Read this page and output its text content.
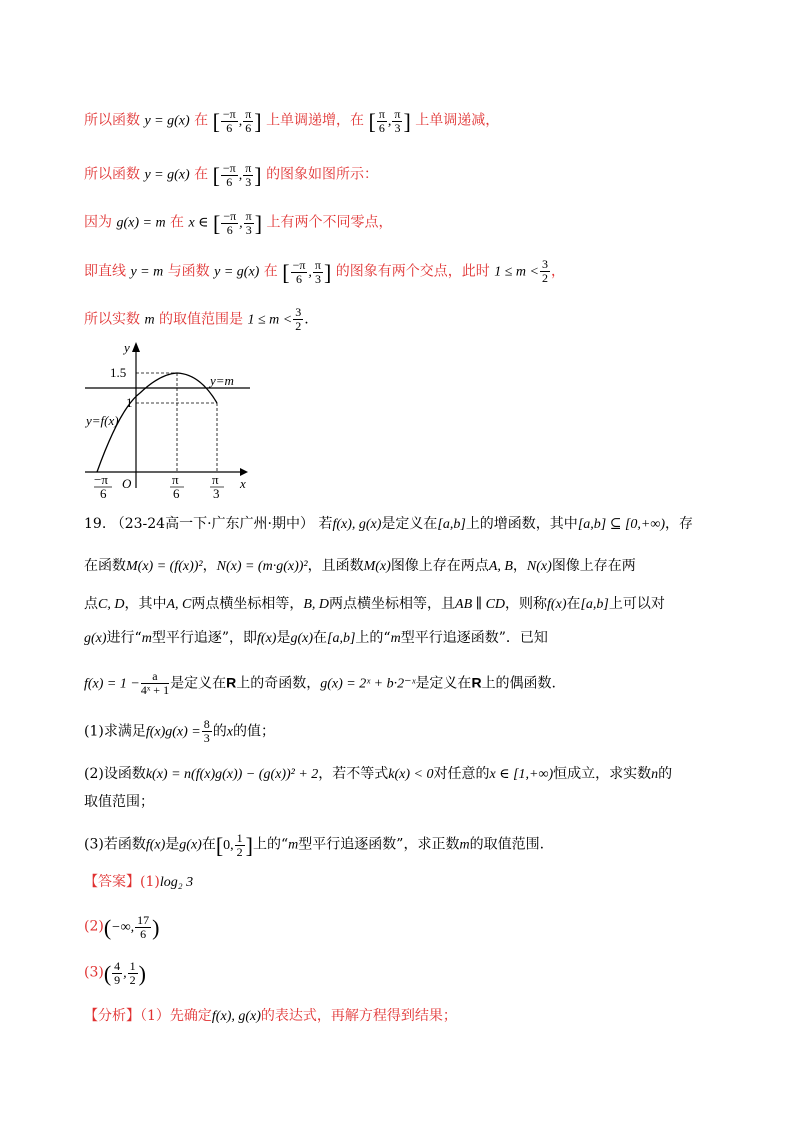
所以函数 y = g(x) 在 [ $\frac{-\pi}{6}$ , $\frac{\pi}{6}$ ] 上单调递增，在 [ $\frac{\pi}{6}$ , $\frac{\pi}{3}$ ] 上单调递减，
所以函数 y = g(x) 在 [ $\frac{-\pi}{6}$ , $\frac{\pi}{3}$ ] 的图象如图所示：
因为 g(x) = m 在 x ∈ [ $\frac{-\pi}{6}$ , $\frac{\pi}{3}$ ] 上有两个不同零点，
即直线 y = m 与函数 y = g(x) 在 [ $\frac{-\pi}{6}$ , $\frac{\pi}{3}$ ] 的图象有两个交点，此时 $1 \le m < \frac{3}{2}$ ，
所以实数 m 的取值范围是 $1 \le m < \frac{3}{2}$ .
y
x
O
1.5
1
y=m
y=f(x)
−π
6
π
6
π
3
19. （23-24高一下·广东广州·期中） 若f(x), g(x)是定义在[a,b]上的增函数，其中[a,b] ⊆ [0,+∞)，存
在函数M(x) = (f(x))²，N(x) = (m·g(x))²，且函数M(x)图像上存在两点A, B，N(x)图像上存在两
点C, D，其中A, C两点横坐标相等，B, D两点横坐标相等，且AB ∥ CD，则称f(x)在[a,b]上可以对
g(x)进行“m型平行追逐”，即f(x)是g(x)在[a,b]上的“m型平行追逐函数”．已知
$f(x) = 1 - \frac{a}{\text{4ˣ + 1}}$ 是定义在R上的奇函数，g(x) = 2ˣ + b·2⁻ˣ是定义在R上的偶函数.
(1)求满足$f(x)g(x) = \frac{8}{3}$ 的x的值；
(2)设函数k(x) = n(f(x)g(x)) − (g(x))² + 2，若不等式k(x) < 0对任意的x ∈ [1,+∞)恒成立，求实数n的
取值范围；
(3)若函数f(x)是g(x)在[0, $\frac{1}{2}$ ]上的“m型平行追逐函数”，求正数m的取值范围.
【答案】(1)log₂ 3
(2)(−∞, $\frac{17}{6}$ )
$(3)( \frac{4}{9}$ , $\frac{1}{2}$ )
【分析】（1）先确定f(x), g(x)的表达式，再解方程得到结果；
